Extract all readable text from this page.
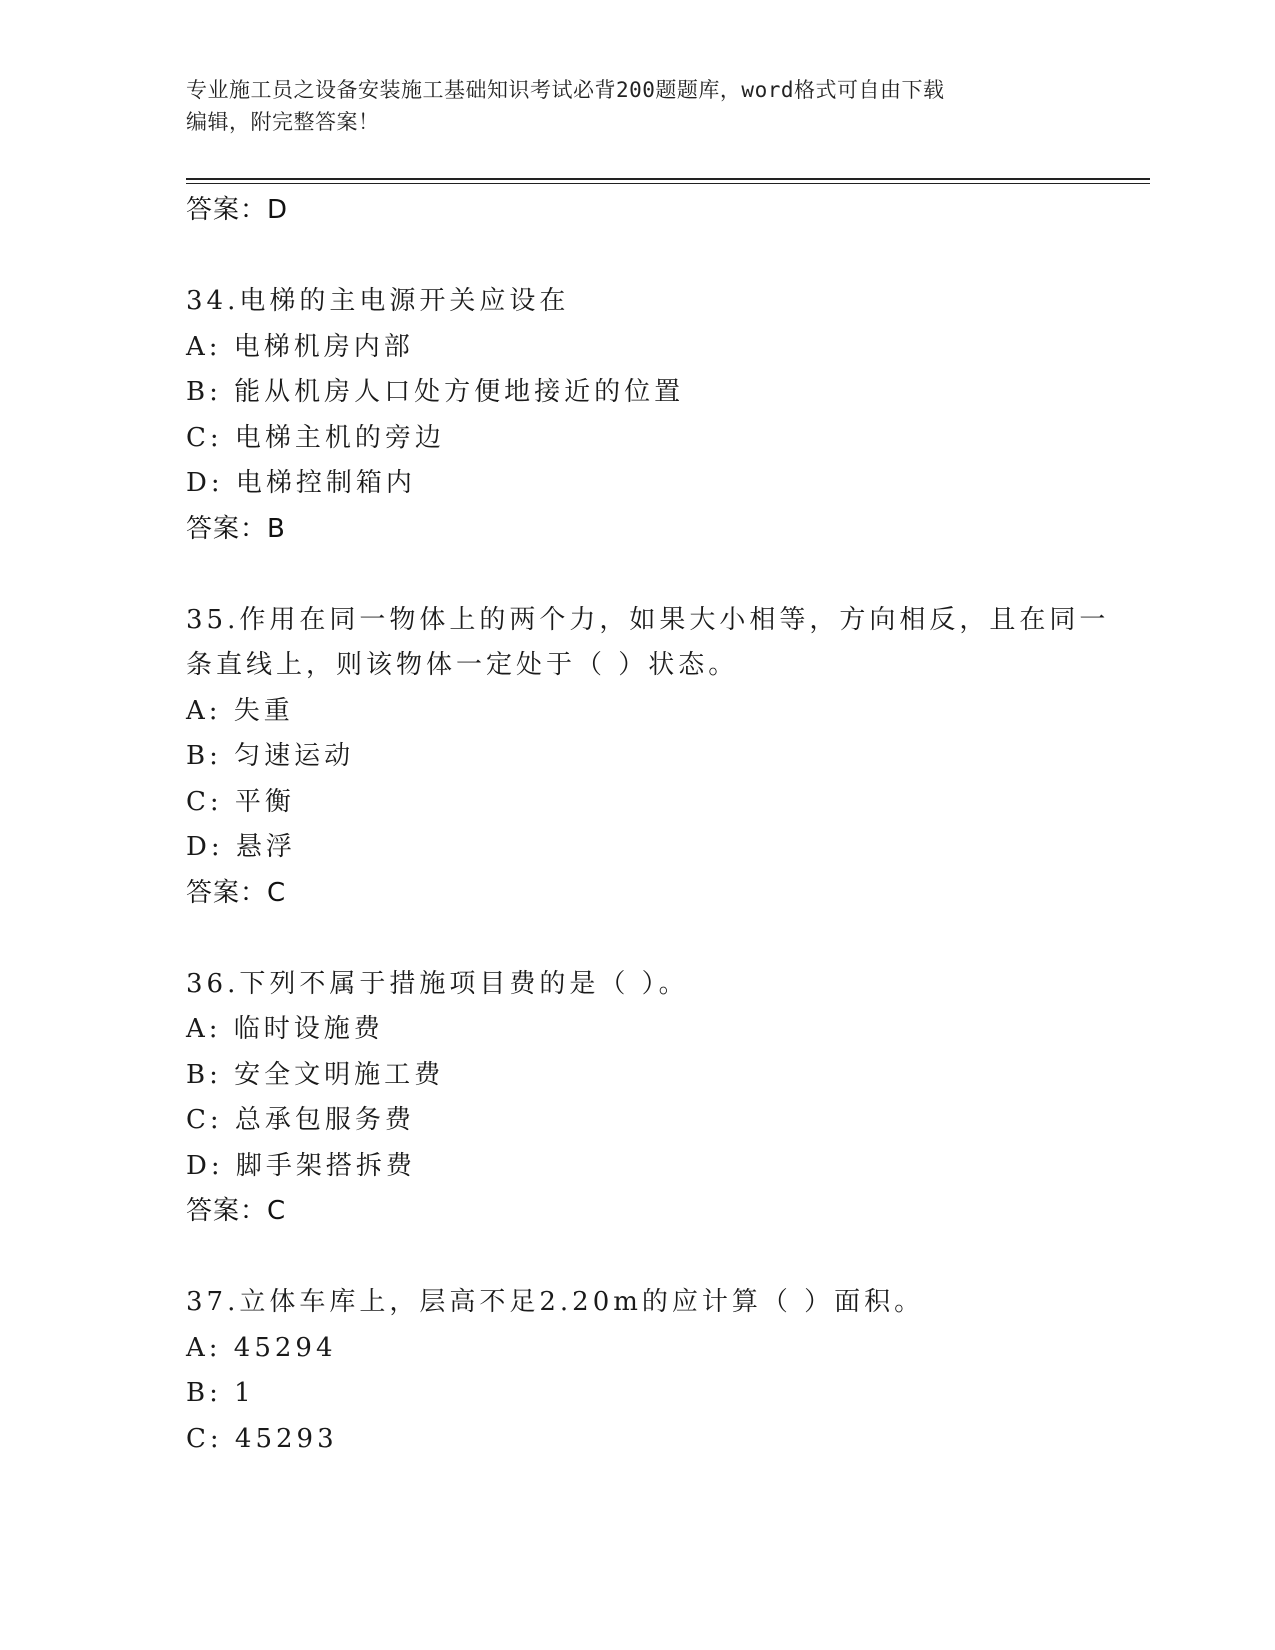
专业施工员之设备安装施工基础知识考试必背200题题库，word格式可自由下载
编辑，附完整答案！
答案：D
34.电梯的主电源开关应设在
A: 电梯机房内部
B: 能从机房人口处方便地接近的位置
C: 电梯主机的旁边
D: 电梯控制箱内
答案：B
35.作用在同一物体上的两个力，如果大小相等，方向相反，且在同一
条直线上，则该物体一定处于（ ）状态。
A: 失重
B: 匀速运动
C: 平衡
D: 悬浮
答案：C
36.下列不属于措施项目费的是（ ）。
A: 临时设施费
B: 安全文明施工费
C: 总承包服务费
D: 脚手架搭拆费
答案：C
37.立体车库上，层高不足2.20m的应计算（ ）面积。
A: 45294
B: 1
C: 45293
